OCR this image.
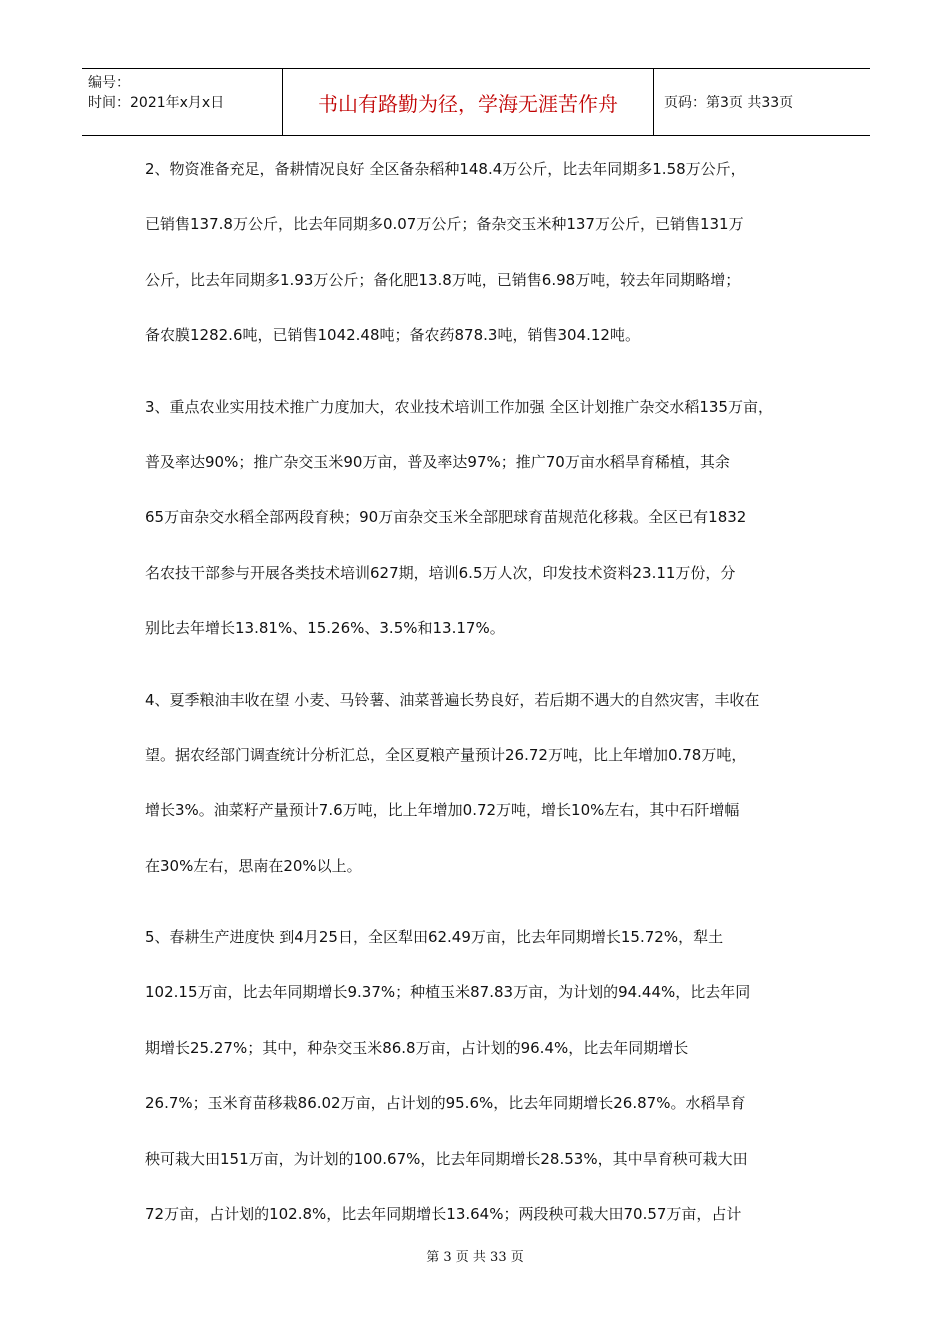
编号：
时间：2021年x月x日	书山有路勤为径，学海无涯苦作舟	页码：第3页 共33页
2、物资准备充足，备耕情况良好 全区备杂稻种148.4万公斤，比去年同期多1.58万公斤，
已销售137.8万公斤，比去年同期多0.07万公斤；备杂交玉米种137万公斤，已销售131万
公斤，比去年同期多1.93万公斤；备化肥13.8万吨，已销售6.98万吨，较去年同期略增；
备农膜1282.6吨，已销售1042.48吨；备农药878.3吨，销售304.12吨。
3、重点农业实用技术推广力度加大，农业技术培训工作加强 全区计划推广杂交水稻135万亩，
普及率达90%；推广杂交玉米90万亩，普及率达97%；推广70万亩水稻旱育稀植，其余
65万亩杂交水稻全部两段育秧；90万亩杂交玉米全部肥球育苗规范化移栽。全区已有1832
名农技干部参与开展各类技术培训627期，培训6.5万人次，印发技术资料23.11万份，分
别比去年增长13.81%、15.26%、3.5%和13.17%。
4、夏季粮油丰收在望 小麦、马铃薯、油菜普遍长势良好，若后期不遇大的自然灾害，丰收在
望。据农经部门调查统计分析汇总，全区夏粮产量预计26.72万吨，比上年增加0.78万吨，
增长3%。油菜籽产量预计7.6万吨，比上年增加0.72万吨，增长10%左右，其中石阡增幅
在30%左右，思南在20%以上。
5、春耕生产进度快 到4月25日，全区犁田62.49万亩，比去年同期增长15.72%，犁土
102.15万亩，比去年同期增长9.37%；种植玉米87.83万亩，为计划的94.44%，比去年同
期增长25.27%；其中，种杂交玉米86.8万亩，占计划的96.4%，比去年同期增长
26.7%；玉米育苗移栽86.02万亩，占计划的95.6%，比去年同期增长26.87%。水稻旱育
秧可栽大田151万亩，为计划的100.67%，比去年同期增长28.53%，其中旱育秧可栽大田
72万亩，占计划的102.8%，比去年同期增长13.64%；两段秧可栽大田70.57万亩，占计
第 3 页 共 33 页
